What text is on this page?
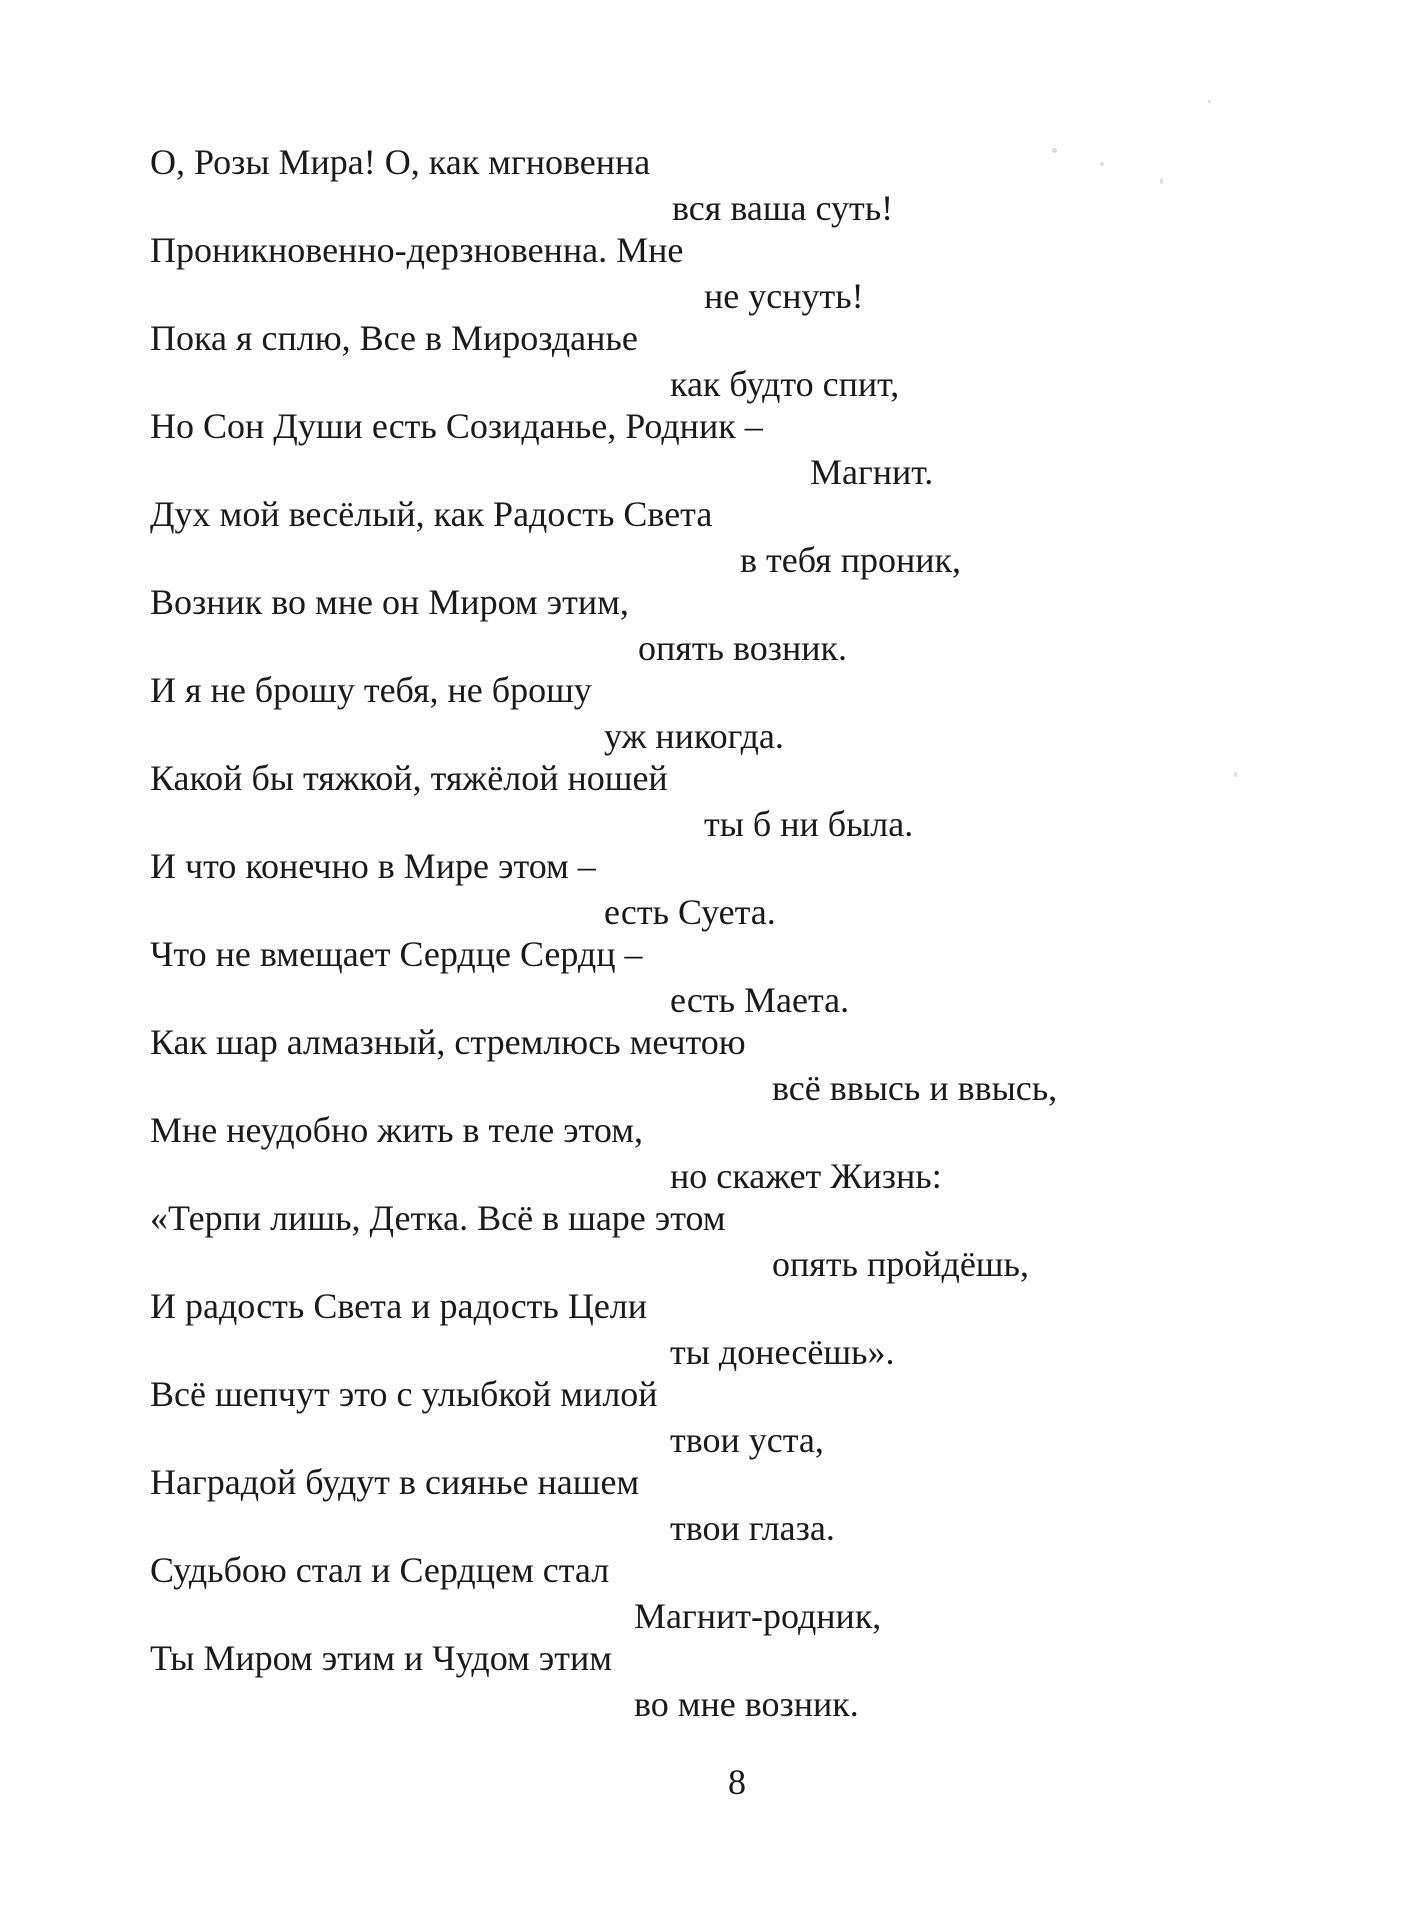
О, Розы Мира! О, как мгновенна
вся ваша суть!
Проникновенно-дерзновенна. Мне
не уснуть!
Пока я сплю, Все в Мирозданье
как будто спит,
Но Сон Души есть Созиданье, Родник –
Магнит.
Дух мой весёлый, как Радость Света
в тебя проник,
Возник во мне он Миром этим,
опять возник.
И я не брошу тебя, не брошу
уж никогда.
Какой бы тяжкой, тяжёлой ношей
ты б ни была.
И что конечно в Мире этом –
есть Суета.
Что не вмещает Сердце Сердц –
есть Маета.
Как шар алмазный, стремлюсь мечтою
всё ввысь и ввысь,
Мне неудобно жить в теле этом,
но скажет Жизнь:
«Терпи лишь, Детка. Всё в шаре этом
опять пройдёшь,
И радость Света и радость Цели
ты донесёшь».
Всё шепчут это с улыбкой милой
твои уста,
Наградой будут в сиянье нашем
твои глаза.
Судьбою стал и Сердцем стал
Магнит-родник,
Ты Миром этим и Чудом этим
во мне возник.
8
